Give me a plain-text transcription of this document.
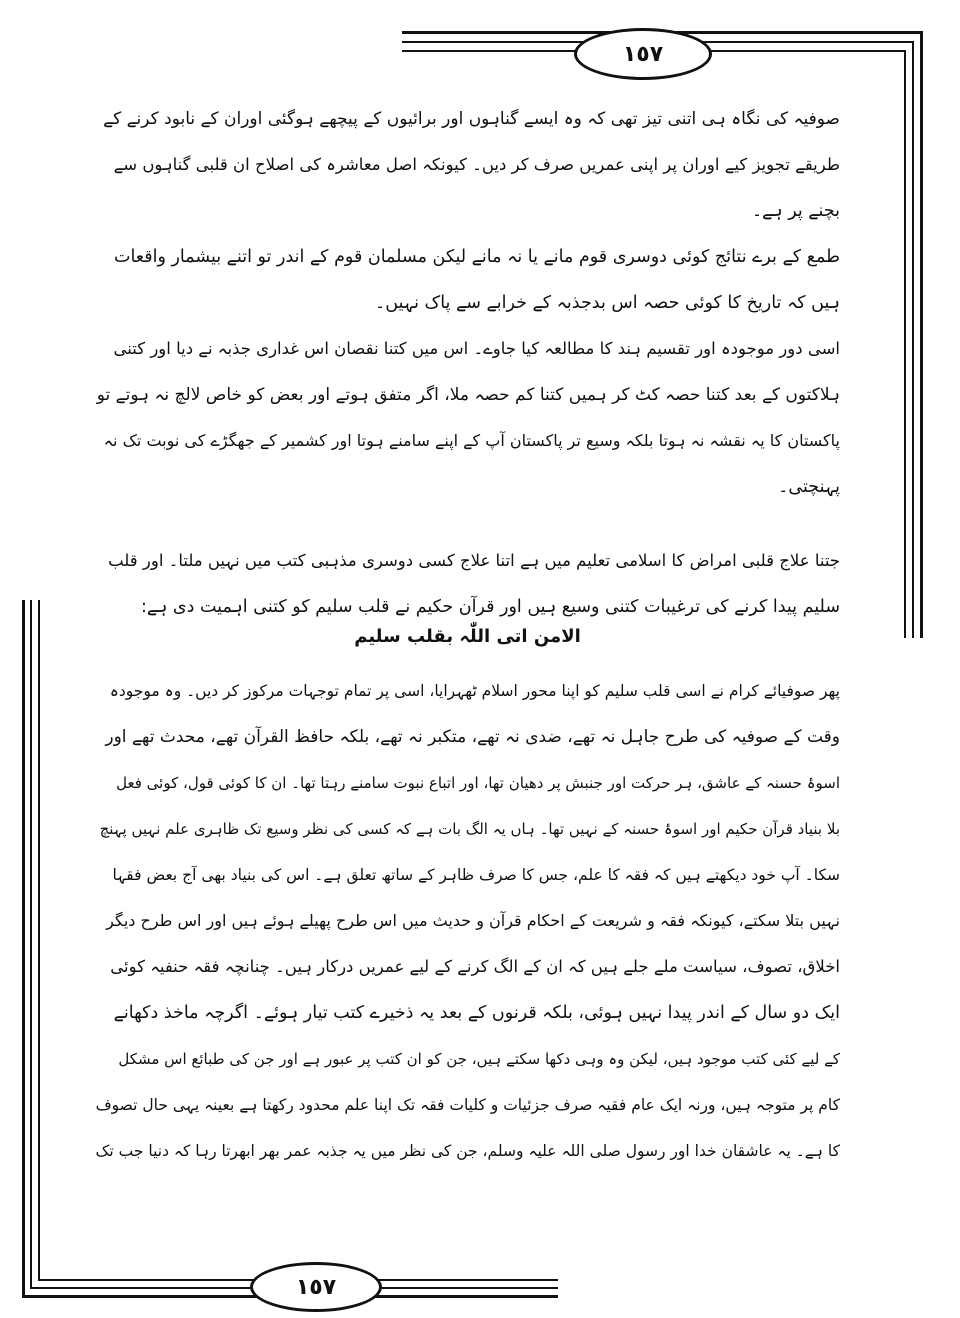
١٥٧
١٥٧

صوفیہ کی نگاہ ہی اتنی تیز تھی کہ وہ ایسے گناہوں اور برائیوں کے پیچھے ہوگئی اوران کے نابود کرنے کے

طریقے تجویز کیے اوران پر اپنی عمریں صرف کر دیں۔ کیونکہ اصل معاشرہ کی اصلاح ان قلبی گناہوں سے

بچنے پر ہے۔

طمع کے برے نتائج کوئی دوسری قوم مانے یا نہ مانے لیکن مسلمان قوم کے اندر تو اتنے بیشمار واقعات

ہیں کہ تاریخ کا کوئی حصہ اس بدجذبہ کے خرابے سے پاک نہیں۔

اسی دور موجودہ اور تقسیم ہند کا مطالعہ کیا جاوے۔ اس میں کتنا نقصان اس غداری جذبہ نے دیا اور کتنی

ہلاکتوں کے بعد کتنا حصہ کٹ کر ہمیں کتنا کم حصہ ملا، اگر متفق ہوتے اور بعض کو خاص لالچ نہ ہوتے تو

پاکستان کا یہ نقشہ نہ ہوتا بلکہ وسیع تر پاکستان آپ کے اپنے سامنے ہوتا اور کشمیر کے جھگڑے کی نوبت تک نہ

پہنچتی۔

جتنا علاج قلبی امراض کا اسلامی تعلیم میں ہے اتنا علاج کسی دوسری مذہبی کتب میں نہیں ملتا۔ اور قلب

سلیم پیدا کرنے کی ترغیبات کتنی وسیع ہیں اور قرآن حکیم نے قلب سلیم کو کتنی اہمیت دی ہے:

الامن اتی اللّٰہ بقلب سلیم

پھر صوفیائے کرام نے اسی قلب سلیم کو اپنا محور اسلام ٹھہرایا، اسی پر تمام توجہات مرکوز کر دیں۔ وہ موجودہ

وقت کے صوفیہ کی طرح جاہل نہ تھے، ضدی نہ تھے، متکبر نہ تھے، بلکہ حافظ القرآن تھے، محدث تھے اور

اسوۂ حسنہ کے عاشق، ہر حرکت اور جنبش پر دھیان تھا، اور اتباع نبوت سامنے رہتا تھا۔ ان کا کوئی قول، کوئی فعل

بلا بنیاد قرآن حکیم اور اسوۂ حسنہ کے نہیں تھا۔ ہاں یہ الگ بات ہے کہ کسی کی نظر وسیع تک ظاہری علم نہیں پہنچ

سکا۔ آپ خود دیکھتے ہیں کہ فقہ کا علم، جس کا صرف ظاہر کے ساتھ تعلق ہے۔ اس کی بنیاد بھی آج بعض فقہا

نہیں بتلا سکتے، کیونکہ فقہ و شریعت کے احکام قرآن و حدیث میں اس طرح پھیلے ہوئے ہیں اور اس طرح دیگر

اخلاق، تصوف، سیاست ملے جلے ہیں کہ ان کے الگ کرنے کے لیے عمریں درکار ہیں۔ چنانچہ فقہ حنفیہ کوئی

ایک دو سال کے اندر پیدا نہیں ہوئی، بلکہ قرنوں کے بعد یہ ذخیرے کتب تیار ہوئے۔ اگرچہ ماخذ دکھانے

کے لیے کئی کتب موجود ہیں، لیکن وہ وہی دکھا سکتے ہیں، جن کو ان کتب پر عبور ہے اور جن کی طبائع اس مشکل

کام پر متوجہ ہیں، ورنہ ایک عام فقیہ صرف جزئیات و کلیات فقہ تک اپنا علم محدود رکھتا ہے بعینہ یہی حال تصوف

کا ہے۔ یہ عاشقان خدا اور رسول صلی اللہ علیہ وسلم، جن کی نظر میں یہ جذبہ عمر بھر ابھرتا رہا کہ دنیا جب تک
